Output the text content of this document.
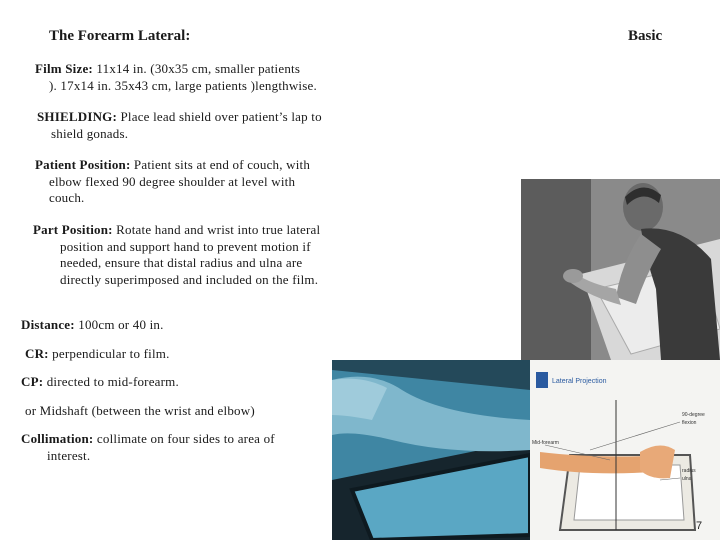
The Forearm Lateral:	Basic
Film Size: 11x14 in. (30x35 cm, smaller patients
). 17x14 in. 35x43 cm, large patients )lengthwise.
SHIELDING: Place lead shield over patient’s lap to
shield gonads.
Patient Position: Patient sits at end of couch, with
elbow flexed 90 degree shoulder at level with
couch.
Part Position: Rotate hand and wrist into true lateral
position and support hand to prevent motion if
needed, ensure that distal radius and ulna are
directly superimposed and included on the film.
Distance: 100cm or 40 in.
CR: perpendicular to film.
CP: directed to mid-forearm.
or Midshaft (between the wrist and elbow)
Collimation: collimate on four sides to area of
interest.
Lateral Projection
90-degree
flexion
Mid-forearm
radius
ulna
7
